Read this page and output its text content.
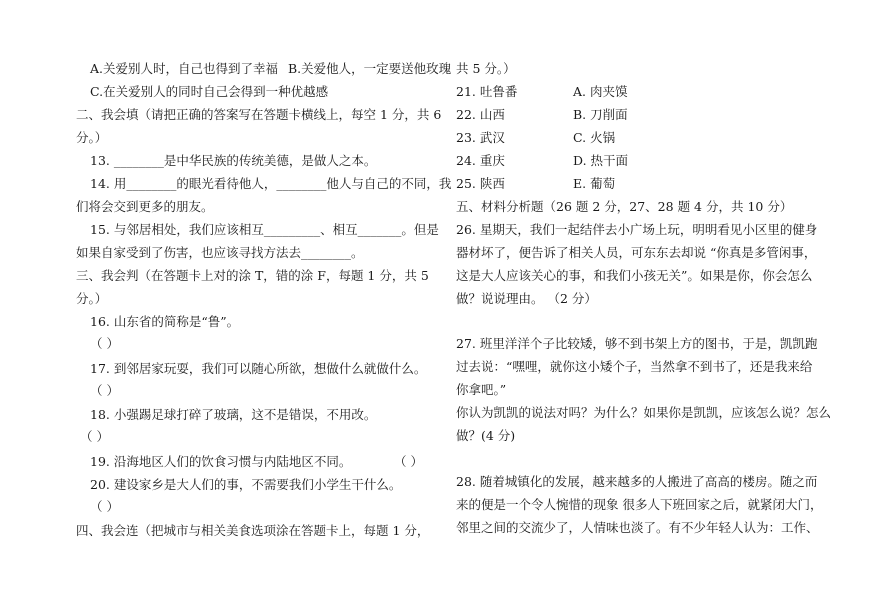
A.关爱别人时，自己也得到了幸福 B.关爱他人，一定要送他玫瑰
C.在关爱别人的同时自己会得到一种优越感
二、我会填（请把正确的答案写在答题卡横线上，每空 1 分，共 6
分。）
13. ________是中华民族的传统美德，是做人之本。
14. 用________的眼光看待他人，________他人与自己的不同，我
们将会交到更多的朋友。
15. 与邻居相处，我们应该相互_________、相互_______。但是
如果自家受到了伤害，也应该寻找方法去________。
三、我会判（在答题卡上对的涂 T，错的涂 F，每题 1 分，共 5
分。）
16. 山东省的简称是“鲁”。
（ ）
17. 到邻居家玩耍，我们可以随心所欲，想做什么就做什么。
（ ）
18. 小强踢足球打碎了玻璃，这不是错误，不用改。
（ ）
19. 沿海地区人们的饮食习惯与内陆地区不同。	（ ）
20. 建设家乡是大人们的事，不需要我们小学生干什么。
（ ）
四、我会连（把城市与相关美食选项涂在答题卡上，每题 1 分，
共 5 分。）
21. 吐鲁番	A. 肉夹馍
22. 山西	B. 刀削面
23. 武汉	C. 火锅
24. 重庆	D. 热干面
25. 陕西	E. 葡萄
五、材料分析题（26 题 2 分，27、28 题 4 分，共 10 分）
26. 星期天，我们一起结伴去小广场上玩，明明看见小区里的健身
器材坏了，便告诉了相关人员，可东东去却说 “你真是多管闲事，
这是大人应该关心的事，和我们小孩无关”。如果是你，你会怎么
做？说说理由。 （2 分）
27. 班里洋洋个子比较矮，够不到书架上方的图书，于是，凯凯跑
过去说：“嘿哩，就你这小矮个子，当然拿不到书了，还是我来给
你拿吧。”
你认为凯凯的说法对吗？为什么？如果你是凯凯，应该怎么说？怎么
做？(4 分)
28. 随着城镇化的发展，越来越多的人搬进了高高的楼房。随之而
来的便是一个令人惋惜的现象 很多人下班回家之后，就紧闭大门，
邻里之间的交流少了，人情味也淡了。有不少年轻人认为：工作、
